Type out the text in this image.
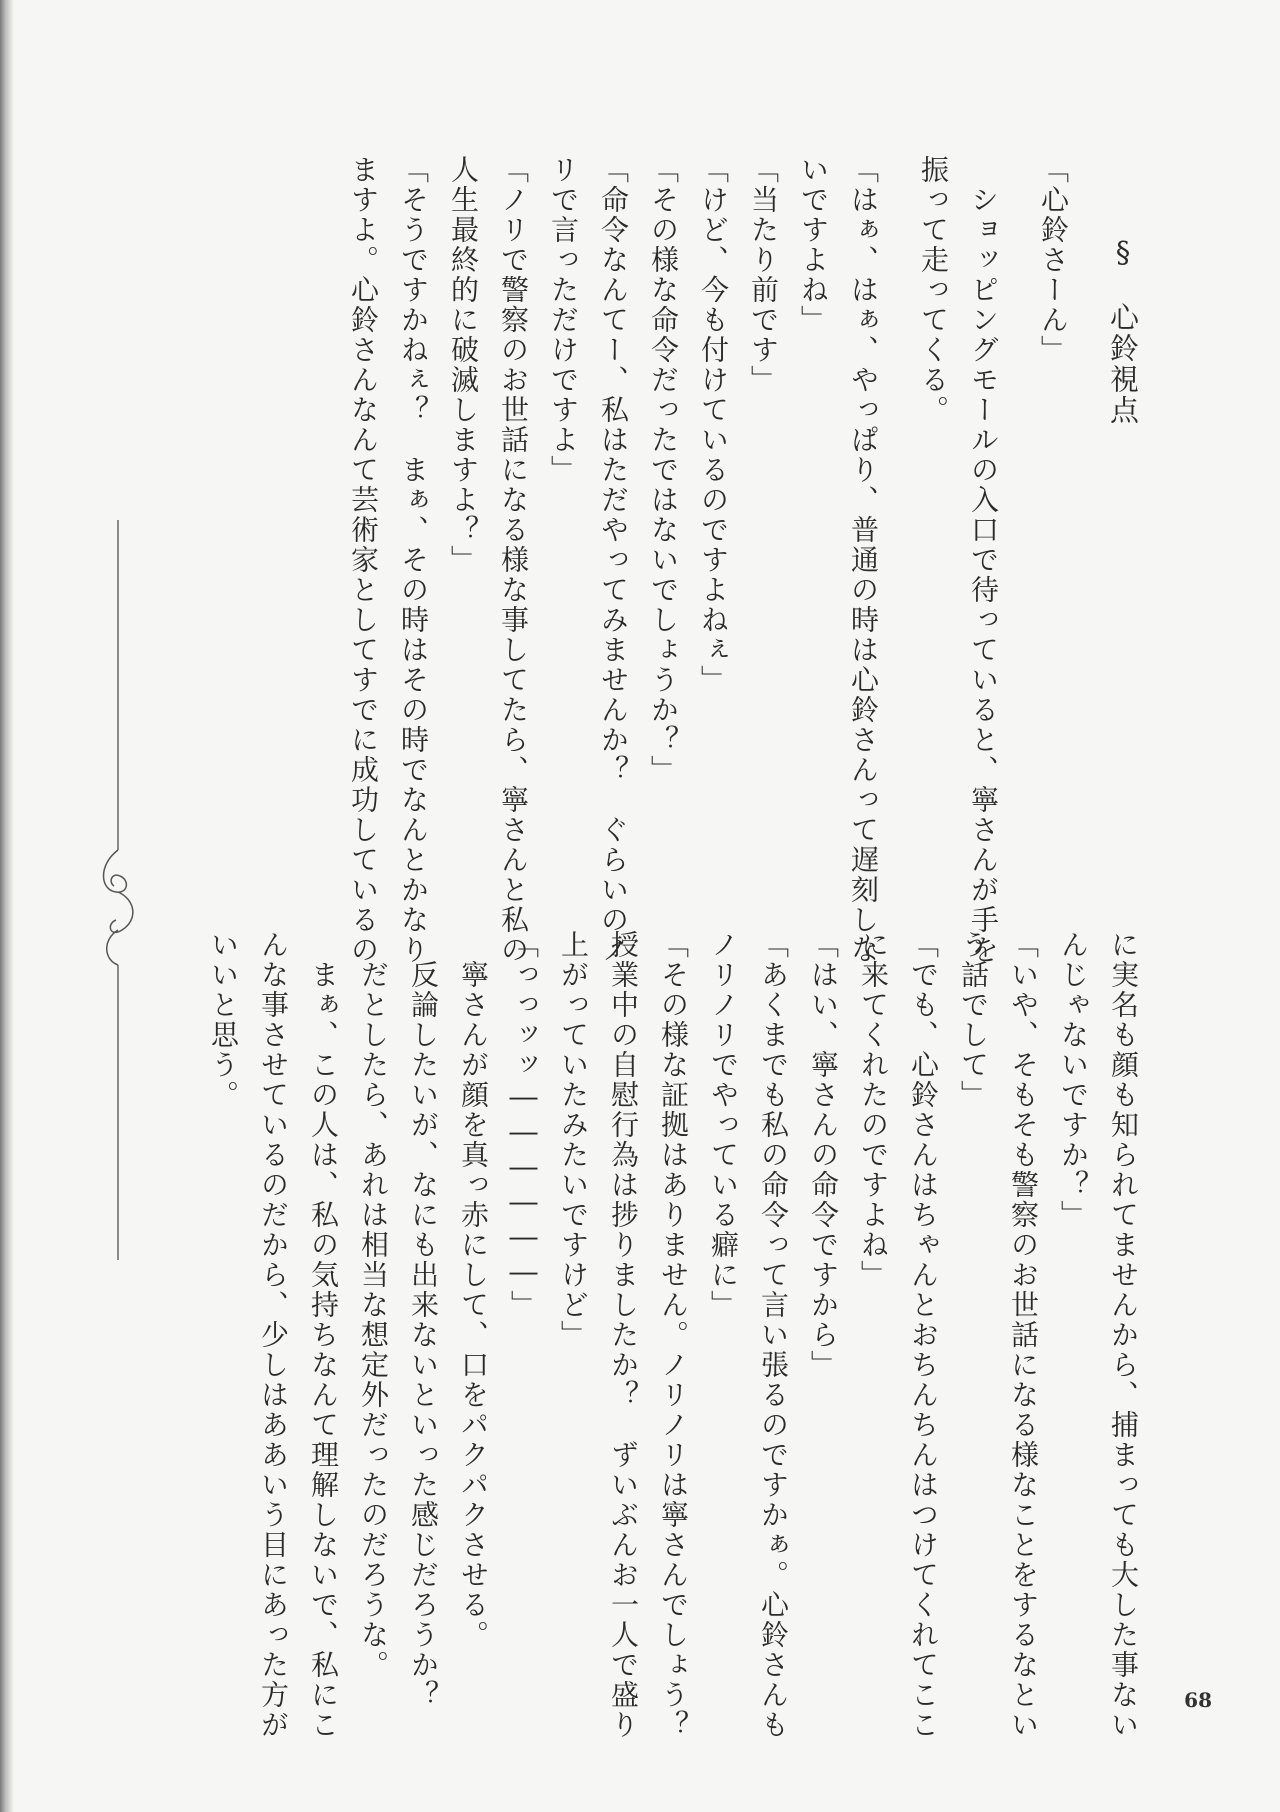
§　心鈴視点
「心鈴さーん」
　ショッピングモールの入口で待っていると、寧さんが手を
振って走ってくる。
「はぁ、はぁ、やっぱり、普通の時は心鈴さんって遅刻しな
いですよね」
「当たり前です」
「けど、今も付けているのですよねぇ」
「その様な命令だったではないでしょうか？」
「命令なんてー、私はただやってみませんか？　ぐらいのノ
リで言っただけですよ」
「ノリで警察のお世話になる様な事してたら、寧さんと私の
人生最終的に破滅しますよ？」
「そうですかねぇ？　まぁ、その時はその時でなんとかなり
ますよ。心鈴さんなんて芸術家としてすでに成功しているの
に実名も顔も知られてませんから、捕まっても大した事ない
んじゃないですか？」
「いや、そもそも警察のお世話になる様なことをするなとい
う話でして」
「でも、心鈴さんはちゃんとおちんちんはつけてくれてここ
に来てくれたのですよね」
「はい、寧さんの命令ですから」
「あくまでも私の命令って言い張るのですかぁ。心鈴さんも
ノリノリでやっている癖に」
「その様な証拠はありません。ノリノリは寧さんでしょう？
授業中の自慰行為は捗りましたか？　ずいぶんお一人で盛り
上がっていたみたいですけど」
「っっッッ――――――」
　寧さんが顔を真っ赤にして、口をパクパクさせる。
　反論したいが、なにも出来ないといった感じだろうか？
　だとしたら、あれは相当な想定外だったのだろうな。
　まぁ、この人は、私の気持ちなんて理解しないで、私にこ
んな事させているのだから、少しはああいう目にあった方が
いいと思う。
68
